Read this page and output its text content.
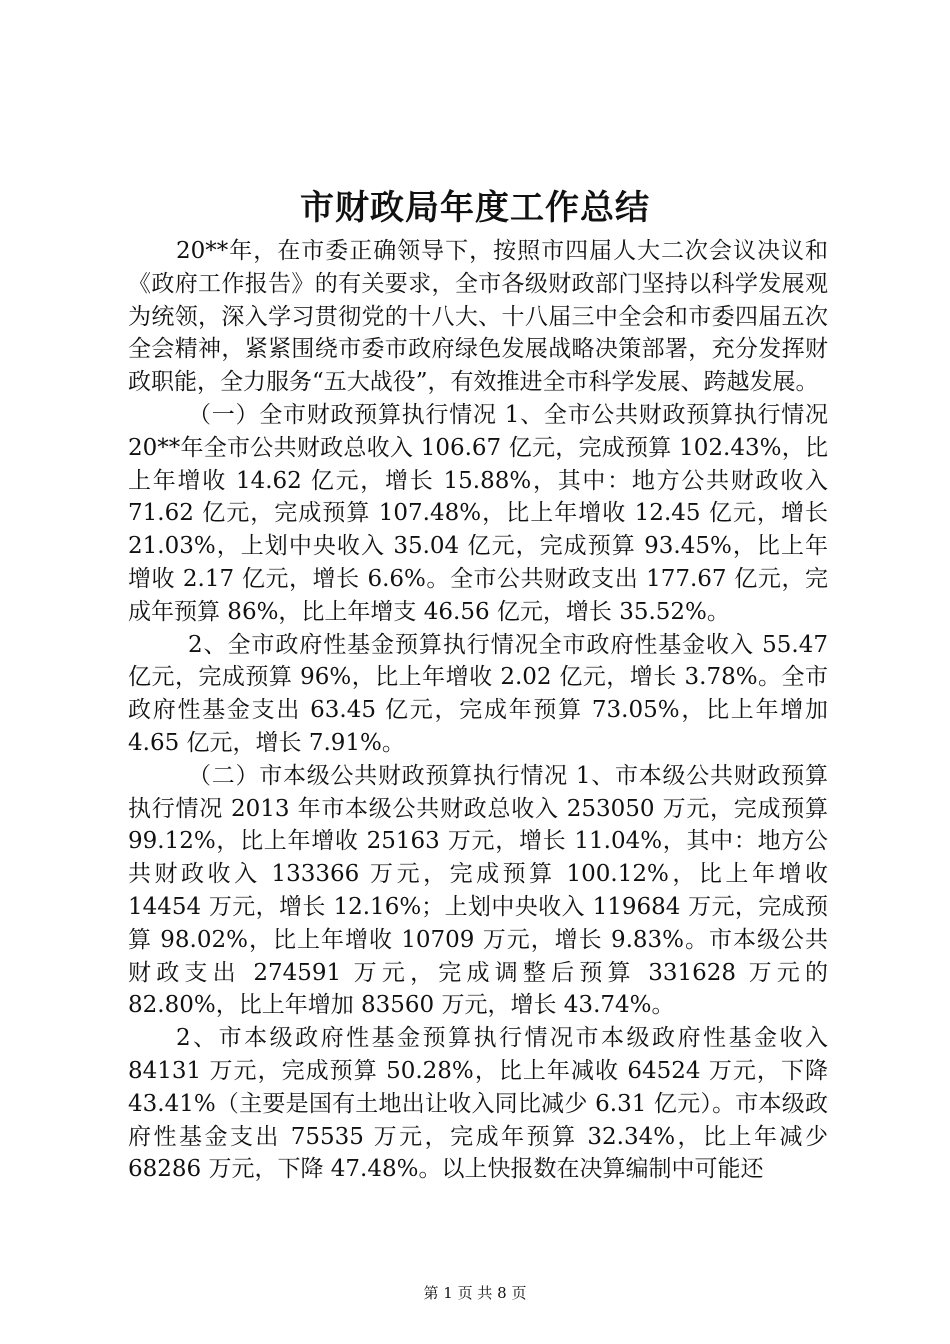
市财政局年度工作总结

20**年，在市委正确领导下，按照市四届人大二次会议决议和《政府工作报告》的有关要求，全市各级财政部门坚持以科学发展观为统领，深入学习贯彻党的十八大、十八届三中全会和市委四届五次全会精神，紧紧围绕市委市政府绿色发展战略决策部署，充分发挥财政职能，全力服务“五大战役”，有效推进全市科学发展、跨越发展。

（一）全市财政预算执行情况 1、全市公共财政预算执行情况 20**年全市公共财政总收入 106.67 亿元，完成预算 102.43%，比上年增收 14.62 亿元，增长 15.88%，其中：地方公共财政收入 71.62 亿元，完成预算 107.48%，比上年增收 12.45 亿元，增长 21.03%，上划中央收入 35.04 亿元，完成预算 93.45%，比上年增收 2.17 亿元，增长 6.6%。全市公共财政支出 177.67 亿元，完成年预算 86%，比上年增支 46.56 亿元，增长 35.52%。

2、全市政府性基金预算执行情况全市政府性基金收入 55.47 亿元，完成预算 96%，比上年增收 2.02 亿元，增长 3.78%。全市政府性基金支出 63.45 亿元，完成年预算 73.05%，比上年增加 4.65 亿元，增长 7.91%。

（二）市本级公共财政预算执行情况 1、市本级公共财政预算执行情况 2013 年市本级公共财政总收入 253050 万元，完成预算 99.12%，比上年增收 25163 万元，增长 11.04%，其中：地方公共财政收入 133366 万元，完成预算 100.12%，比上年增收 14454 万元，增长 12.16%；上划中央收入 119684 万元，完成预算 98.02%，比上年增收 10709 万元，增长 9.83%。市本级公共财政支出 274591 万元，完成调整后预算 331628 万元的 82.80%，比上年增加 83560 万元，增长 43.74%。

2、市本级政府性基金预算执行情况市本级政府性基金收入 84131 万元，完成预算 50.28%，比上年减收 64524 万元，下降 43.41%（主要是国有土地出让收入同比减少 6.31 亿元）。市本级政府性基金支出 75535 万元，完成年预算 32.34%，比上年减少 68286 万元，下降 47.48%。以上快报数在决算编制中可能还

第 1 页 共 8 页
